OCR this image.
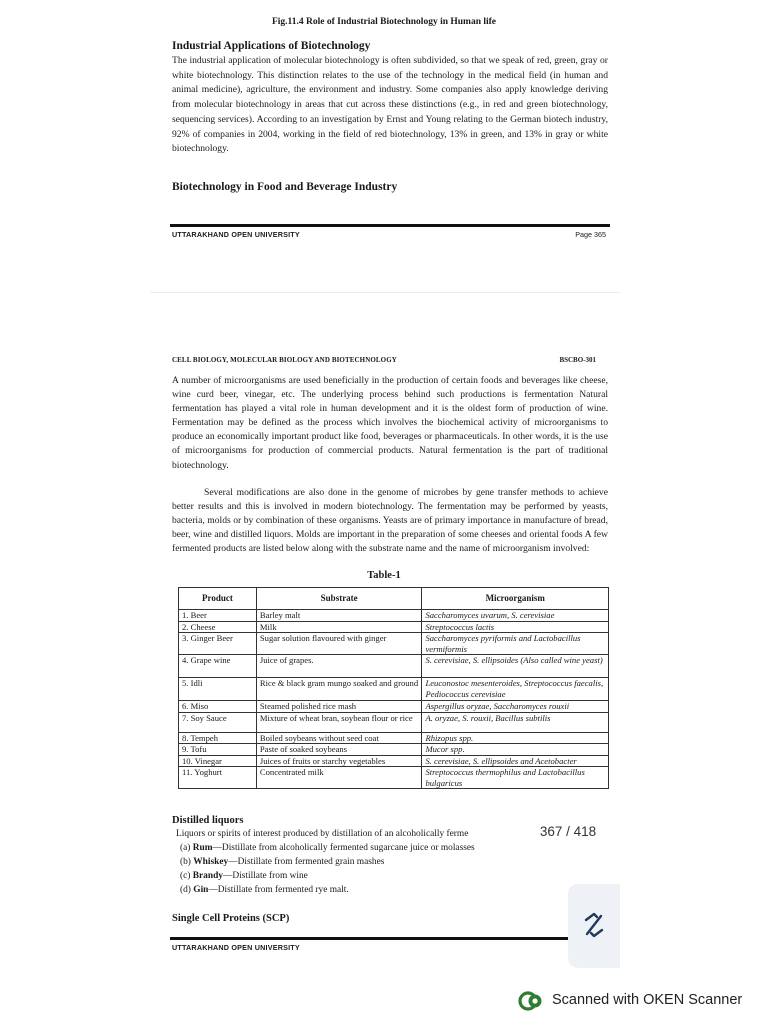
Fig.11.4 Role of Industrial Biotechnology in Human life
Industrial Applications of Biotechnology

The industrial application of molecular biotechnology is often subdivided, so that we speak of red, green, gray or white biotechnology. This distinction relates to the use of the technology in the medical field (in human and animal medicine), agriculture, the environment and industry. Some companies also apply knowledge deriving from molecular biotechnology in areas that cut across these distinctions (e.g., in red and green biotechnology, sequencing services). According to an investigation by Ernst and Young relating to the German biotech industry, 92% of companies in 2004, working in the field of red biotechnology, 13% in green, and 13% in gray or white biotechnology.

Biotechnology in Food and Beverage Industry
UTTARAKHAND OPEN UNIVERSITY	Page 365
CELL BIOLOGY, MOLECULAR BIOLOGY AND BIOTECHNOLOGY	BSCBO-301

A number of microorganisms are used beneficially in the production of certain foods and beverages like cheese, wine curd beer, vinegar, etc. The underlying process behind such productions is fermentation Natural fermentation has played a vital role in human development and it is the oldest form of production of wine. Fermentation may be defined as the process which involves the biochemical activity of microorganisms to produce an economically important product like food, beverages or pharmaceuticals. In other words, it is the use of microorganisms for production of commercial products. Natural fermentation is the part of traditional biotechnology.

Several modifications are also done in the genome of microbes by gene transfer methods to achieve better results and this is involved in modern biotechnology. The fermentation may be performed by yeasts, bacteria, molds or by combination of these organisms. Yeasts are of primary importance in manufacture of bread, beer, wine and distilled liquors. Molds are important in the preparation of some cheeses and oriental foods A few fermented products are listed below along with the substrate name and the name of microorganism involved:

Table-1
Product	Substrate	Microorganism
1. Beer	Barley malt	Saccharomyces uvarum, S. cerevisiae
2. Cheese	Milk	Streptococcus lactis
3. Ginger Beer	Sugar solution flavoured with ginger	Saccharomyces pyriformis and Lactobacillus vermiformis
4. Grape wine	Juice of grapes.	S. cerevisiae, S. ellipsoides (Also called wine yeast)
5. Idli	Rice & black gram mungo soaked and ground	Leuconostoc mesenteroides, Streptococcus faecalis, Pediococcus cerevisiae
6. Miso	Steamed polished rice mash	Aspergillus oryzae, Saccharomyces rouxii
7. Soy Sauce	Mixture of wheat bran, soybean flour or rice	A. oryzae, S. rouxii, Bacillus subtilis
8. Tempeh	Boiled soybeans without seed coat	Rhizopus spp.
9. Tofu	Paste of soaked soybeans	Mucor spp.
10. Vinegar	Juices of fruits or starchy vegetables	S. cerevisiae, S. ellipsoides and Acetobacter
11. Yoghurt	Concentrated milk	Streptococcus thermophilus and Lactobacillus bulgaricus
Distilled liquors
Liquors or spirits of interest produced by distillation of an alcoholically ferme
(a) Rum—Distillate from alcoholically fermented sugarcane juice or molasses
(b) Whiskey—Distillate from fermented grain mashes
(c) Brandy—Distillate from wine
(d) Gin—Distillate from fermented rye malt.
Single Cell Proteins (SCP)
UTTARAKHAND OPEN UNIVERSITY
367 / 418
Scanned with OKEN Scanner
